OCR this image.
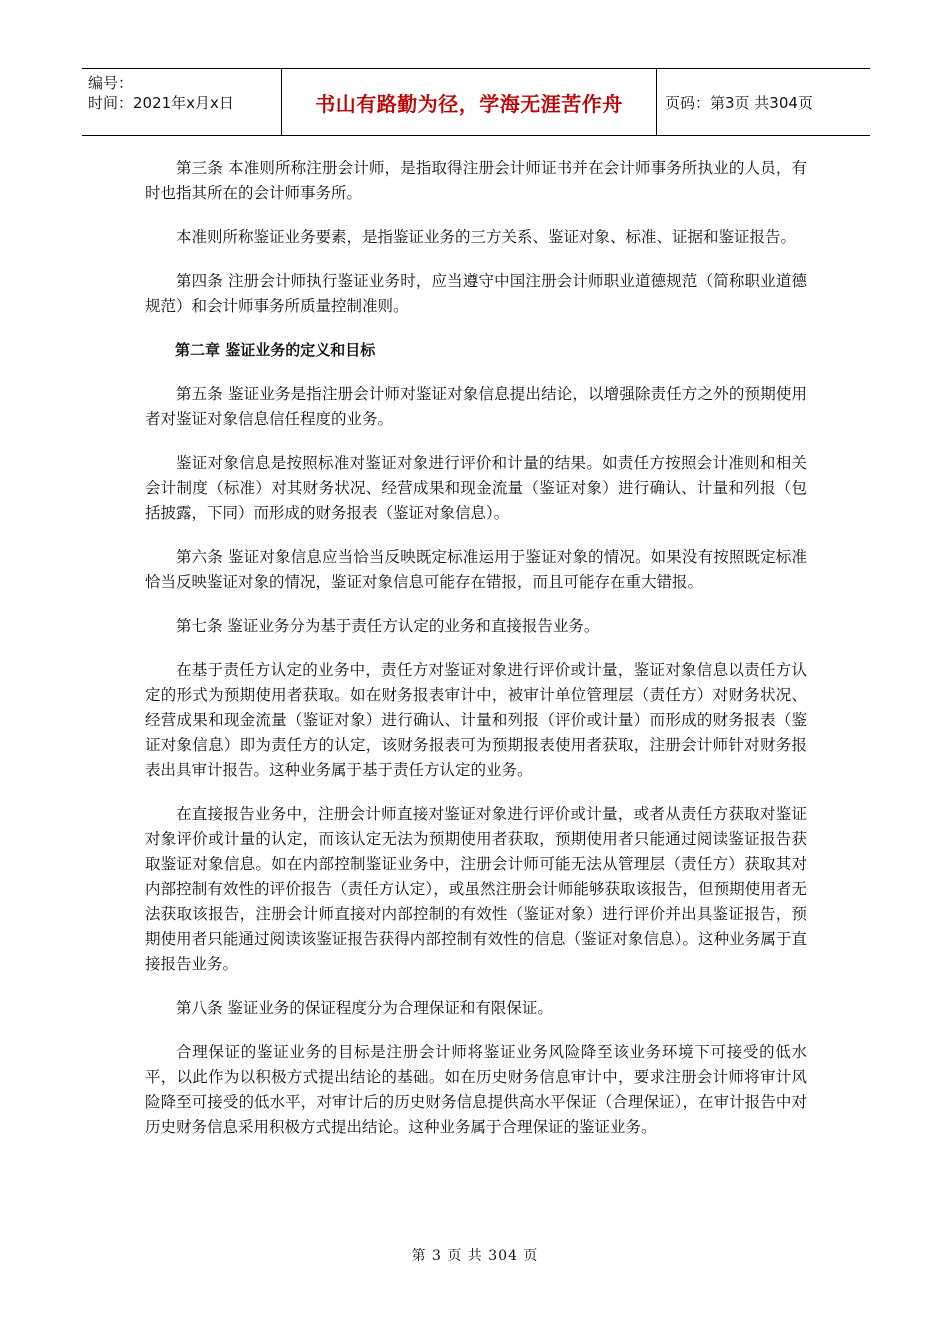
编号：
时间：2021年x月x日	书山有路勤为径，学海无涯苦作舟	页码：第3页 共304页

第三条 本准则所称注册会计师，是指取得注册会计师证书并在会计师事务所执业的人员，有时也指其所在的会计师事务所。

本准则所称鉴证业务要素，是指鉴证业务的三方关系、鉴证对象、标准、证据和鉴证报告。

第四条 注册会计师执行鉴证业务时，应当遵守中国注册会计师职业道德规范（简称职业道德规范）和会计师事务所质量控制准则。

第二章 鉴证业务的定义和目标

第五条 鉴证业务是指注册会计师对鉴证对象信息提出结论，以增强除责任方之外的预期使用者对鉴证对象信息信任程度的业务。

鉴证对象信息是按照标准对鉴证对象进行评价和计量的结果。如责任方按照会计准则和相关会计制度（标准）对其财务状况、经营成果和现金流量（鉴证对象）进行确认、计量和列报（包括披露，下同）而形成的财务报表（鉴证对象信息）。

第六条 鉴证对象信息应当恰当反映既定标准运用于鉴证对象的情况。如果没有按照既定标准恰当反映鉴证对象的情况，鉴证对象信息可能存在错报，而且可能存在重大错报。

第七条 鉴证业务分为基于责任方认定的业务和直接报告业务。

在基于责任方认定的业务中，责任方对鉴证对象进行评价或计量，鉴证对象信息以责任方认定的形式为预期使用者获取。如在财务报表审计中，被审计单位管理层（责任方）对财务状况、经营成果和现金流量（鉴证对象）进行确认、计量和列报（评价或计量）而形成的财务报表（鉴证对象信息）即为责任方的认定，该财务报表可为预期报表使用者获取，注册会计师针对财务报表出具审计报告。这种业务属于基于责任方认定的业务。

在直接报告业务中，注册会计师直接对鉴证对象进行评价或计量，或者从责任方获取对鉴证对象评价或计量的认定，而该认定无法为预期使用者获取，预期使用者只能通过阅读鉴证报告获取鉴证对象信息。如在内部控制鉴证业务中，注册会计师可能无法从管理层（责任方）获取其对内部控制有效性的评价报告（责任方认定），或虽然注册会计师能够获取该报告，但预期使用者无法获取该报告，注册会计师直接对内部控制的有效性（鉴证对象）进行评价并出具鉴证报告，预期使用者只能通过阅读该鉴证报告获得内部控制有效性的信息（鉴证对象信息）。这种业务属于直接报告业务。

第八条 鉴证业务的保证程度分为合理保证和有限保证。

合理保证的鉴证业务的目标是注册会计师将鉴证业务风险降至该业务环境下可接受的低水平，以此作为以积极方式提出结论的基础。如在历史财务信息审计中，要求注册会计师将审计风险降至可接受的低水平，对审计后的历史财务信息提供高水平保证（合理保证），在审计报告中对历史财务信息采用积极方式提出结论。这种业务属于合理保证的鉴证业务。

第 3 页 共 304 页
